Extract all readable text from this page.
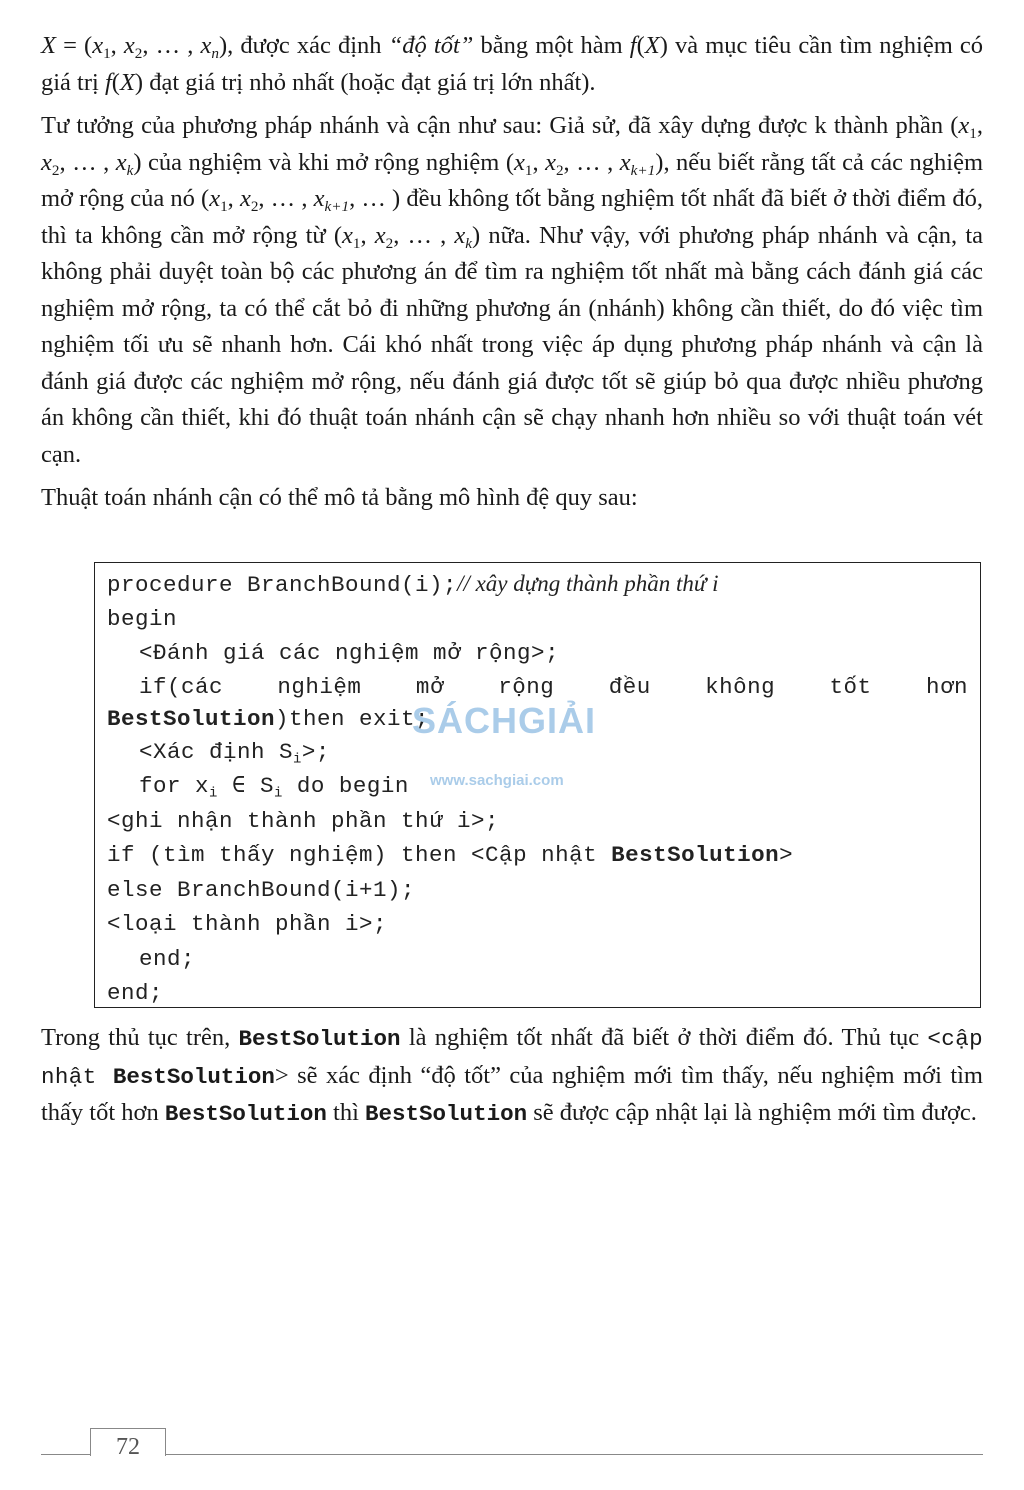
$X = (x_1$, $x_2$, … , $x_n$), được xác định “độ tốt” bằng một hàm f(X) và mục tiêu cần tìm nghiệm có giá trị f(X) đạt giá trị nhỏ nhất (hoặc đạt giá trị lớn nhất).

Tư tưởng của phương pháp nhánh và cận như sau: Giả sử, đã xây dựng được k thành phần ($x_1$, $x_2$, … , $x_k$) của nghiệm và khi mở rộng nghiệm ($x_1$, $x_2$, … , $x_{k+1}$), nếu biết rằng tất cả các nghiệm mở rộng của nó ($x_1$, $x_2$, … , $x_{k+1}$, … ) đều không tốt bằng nghiệm tốt nhất đã biết ở thời điểm đó, thì ta không cần mở rộng từ ($x_1$, $x_2$, … , $x_k$) nữa. Như vậy, với phương pháp nhánh và cận, ta không phải duyệt toàn bộ các phương án để tìm ra nghiệm tốt nhất mà bằng cách đánh giá các nghiệm mở rộng, ta có thể cắt bỏ đi những phương án (nhánh) không cần thiết, do đó việc tìm nghiệm tối ưu sẽ nhanh hơn. Cái khó nhất trong việc áp dụng phương pháp nhánh và cận là đánh giá được các nghiệm mở rộng, nếu đánh giá được tốt sẽ giúp bỏ qua được nhiều phương án không cần thiết, khi đó thuật toán nhánh cận sẽ chạy nhanh hơn nhiều so với thuật toán vét cạn.

Thuật toán nhánh cận có thể mô tả bằng mô hình đệ quy sau:

procedure BranchBound(i);// xây dựng thành phần thứ i
begin
<Đánh giá các nghiệm mở rộng>;
if(các nghiệm mở rộng đều không tốt hơn
BestSolution)then exit;
<Xác định $S_i>$;
for $x_i$ ∈ $S_i$ do begin
<ghi nhận thành phần thứ i>;
if (tìm thấy nghiệm) then <Cập nhật BestSolution>
else BranchBound(i+1);
<loại thành phần i>;
end;
end;

Trong thủ tục trên, BestSolution là nghiệm tốt nhất đã biết ở thời điểm đó. Thủ tục <cập nhật BestSolution> sẽ xác định “độ tốt” của nghiệm mới tìm thấy, nếu nghiệm mới tìm thấy tốt hơn BestSolution thì BestSolution sẽ được cập nhật lại là nghiệm mới tìm được.

SÁCHGIẢI
www.sachgiai.com
72
